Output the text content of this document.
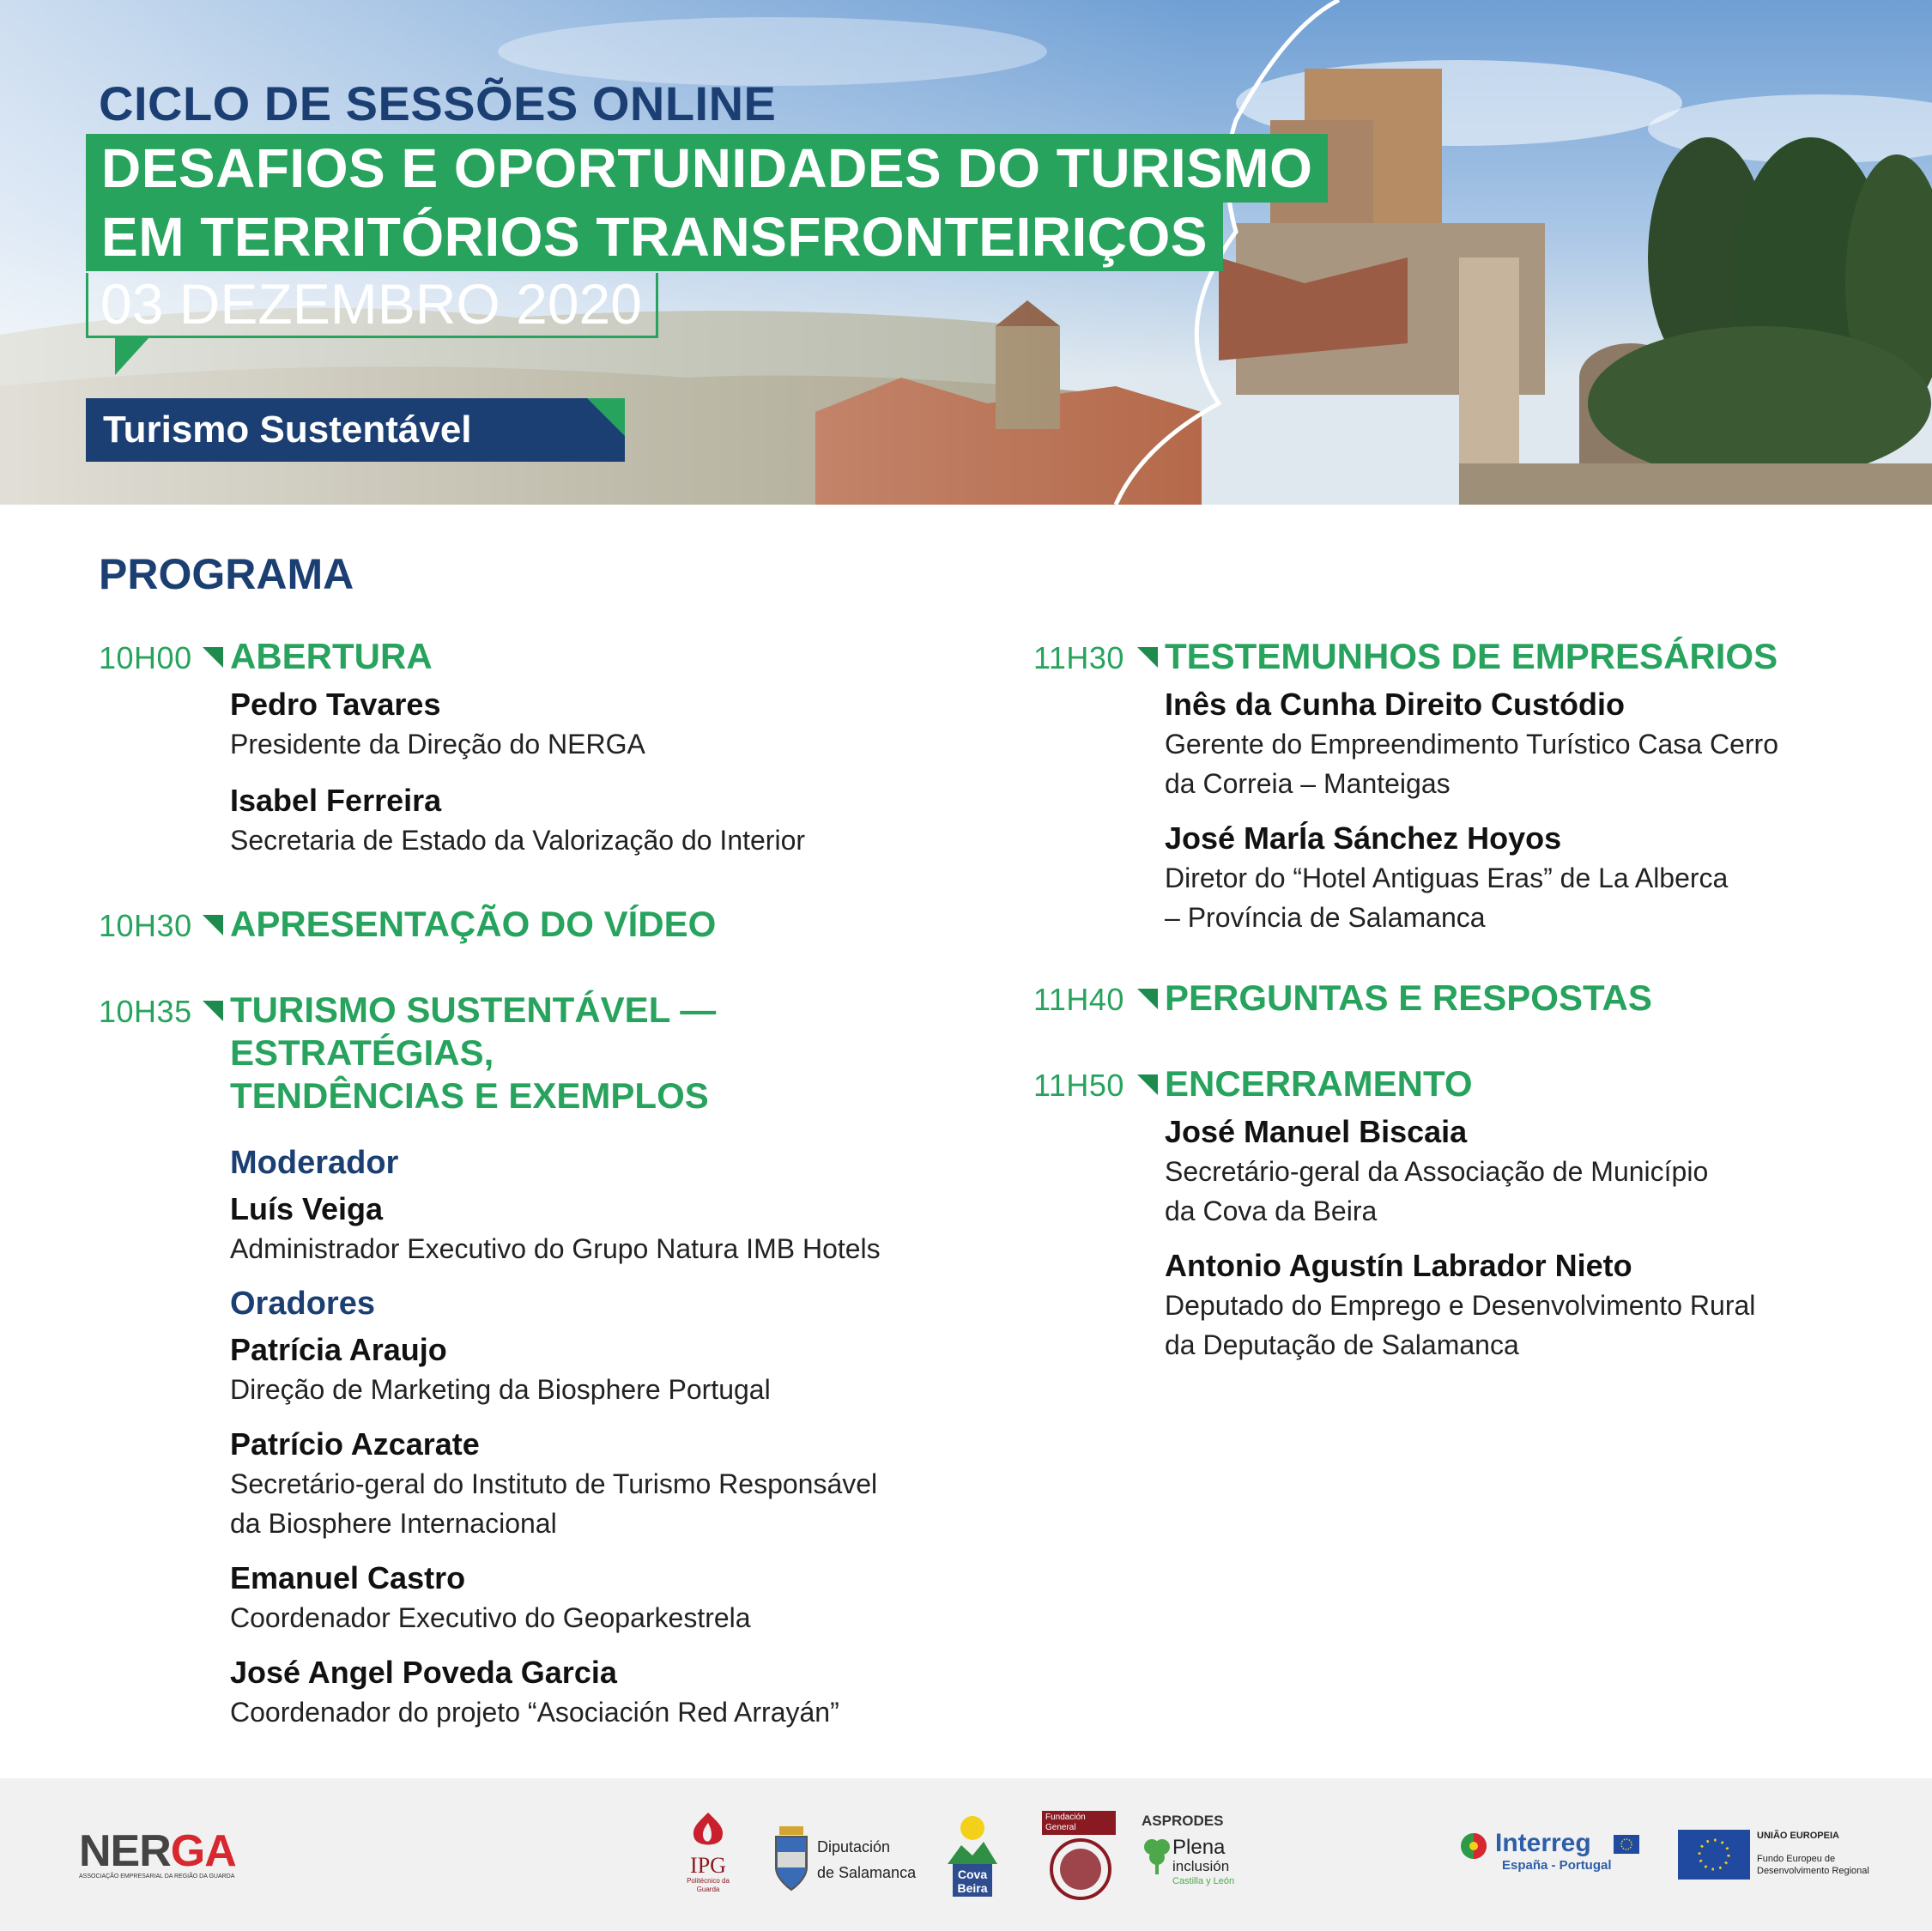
CICLO DE SESSÕES ONLINE
DESAFIOS E OPORTUNIDADES DO TURISMO
EM TERRITÓRIOS TRANSFRONTEIRIÇOS
03 DEZEMBRO 2020
Turismo Sustentável
PROGRAMA
10H00 ABERTURA
Pedro Tavares
Presidente da Direção do NERGA
Isabel Ferreira
Secretaria de Estado da Valorização do Interior
10H30 APRESENTAÇÃO DO VÍDEO
10H35 TURISMO SUSTENTÁVEL — ESTRATÉGIAS,
TENDÊNCIAS E EXEMPLOS
Moderador
Luís Veiga
Administrador Executivo do Grupo Natura IMB Hotels
Oradores
Patrícia Araujo
Direção de Marketing da Biosphere Portugal
Patrício Azcarate
Secretário-geral do Instituto de Turismo Responsável
da Biosphere Internacional
Emanuel Castro
Coordenador Executivo do Geoparkestrela
José Angel Poveda Garcia
Coordenador do projeto “Asociación Red Arrayán”
11H30 TESTEMUNHOS DE EMPRESÁRIOS
Inês da Cunha Direito Custódio
Gerente do Empreendimento Turístico Casa Cerro
da Correia – Manteigas
José MarÍa Sánchez Hoyos
Diretor do “Hotel Antiguas Eras” de La Alberca
– Província de Salamanca
11H40 PERGUNTAS E RESPOSTAS
11H50 ENCERRAMENTO
José Manuel Biscaia
Secretário-geral da Associação de Município
da Cova da Beira
Antonio Agustín Labrador Nieto
Deputado do Emprego e Desenvolvimento Rural
da Deputação de Salamanca
NERGA
ASSOCIAÇÃO EMPRESARIAL DA REGIÃO DA GUARDA	IPG
Politécnico da Guarda
Diputación
de Salamanca	Cova
Beira
Fundación General	ASPRODES
Plena
inclusión
Castilla y León
Interreg
España - Portugal
UNIÃO EUROPEIA
Fundo Europeu de
Desenvolvimento Regional
